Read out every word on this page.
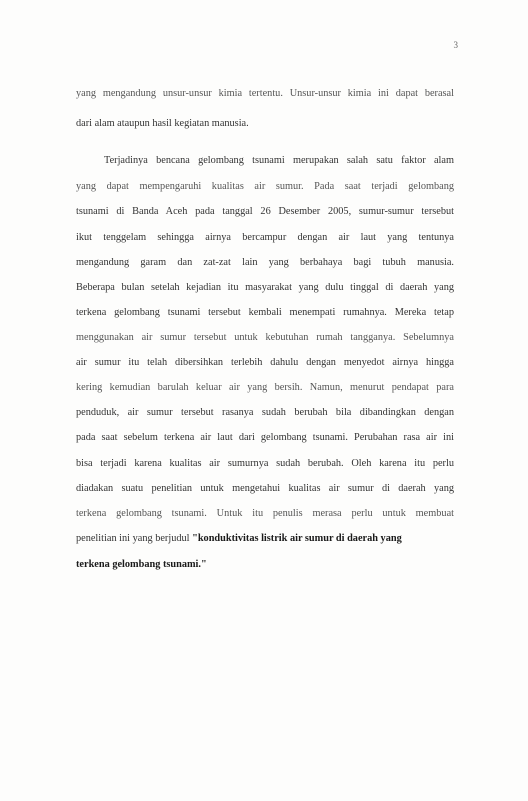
3
yang mengandung unsur-unsur kimia tertentu. Unsur-unsur kimia ini dapat berasal
dari alam ataupun hasil kegiatan manusia.
Terjadinya bencana gelombang tsunami merupakan salah satu faktor alam
yang dapat mempengaruhi kualitas air sumur. Pada saat terjadi gelombang
tsunami di Banda Aceh pada tanggal 26 Desember 2005, sumur-sumur tersebut
ikut tenggelam sehingga airnya bercampur dengan air laut yang tentunya
mengandung garam dan zat-zat lain yang berbahaya bagi tubuh manusia.
Beberapa bulan setelah kejadian itu masyarakat yang dulu tinggal di daerah yang
terkena gelombang tsunami tersebut kembali menempati rumahnya. Mereka tetap
menggunakan air sumur tersebut untuk kebutuhan rumah tangganya. Sebelumnya
air sumur itu telah dibersihkan terlebih dahulu dengan menyedot airnya hingga
kering kemudian barulah keluar air yang bersih. Namun, menurut pendapat para
penduduk, air sumur tersebut rasanya sudah berubah bila dibandingkan dengan
pada saat sebelum terkena air laut dari gelombang tsunami. Perubahan rasa air ini
bisa terjadi karena kualitas air sumurnya sudah berubah. Oleh karena itu perlu
diadakan suatu penelitian untuk mengetahui kualitas air sumur di daerah yang
terkena gelombang tsunami. Untuk itu penulis merasa perlu untuk membuat
penelitian ini yang berjudul "konduktivitas listrik air sumur di daerah yang
terkena gelombang tsunami."
